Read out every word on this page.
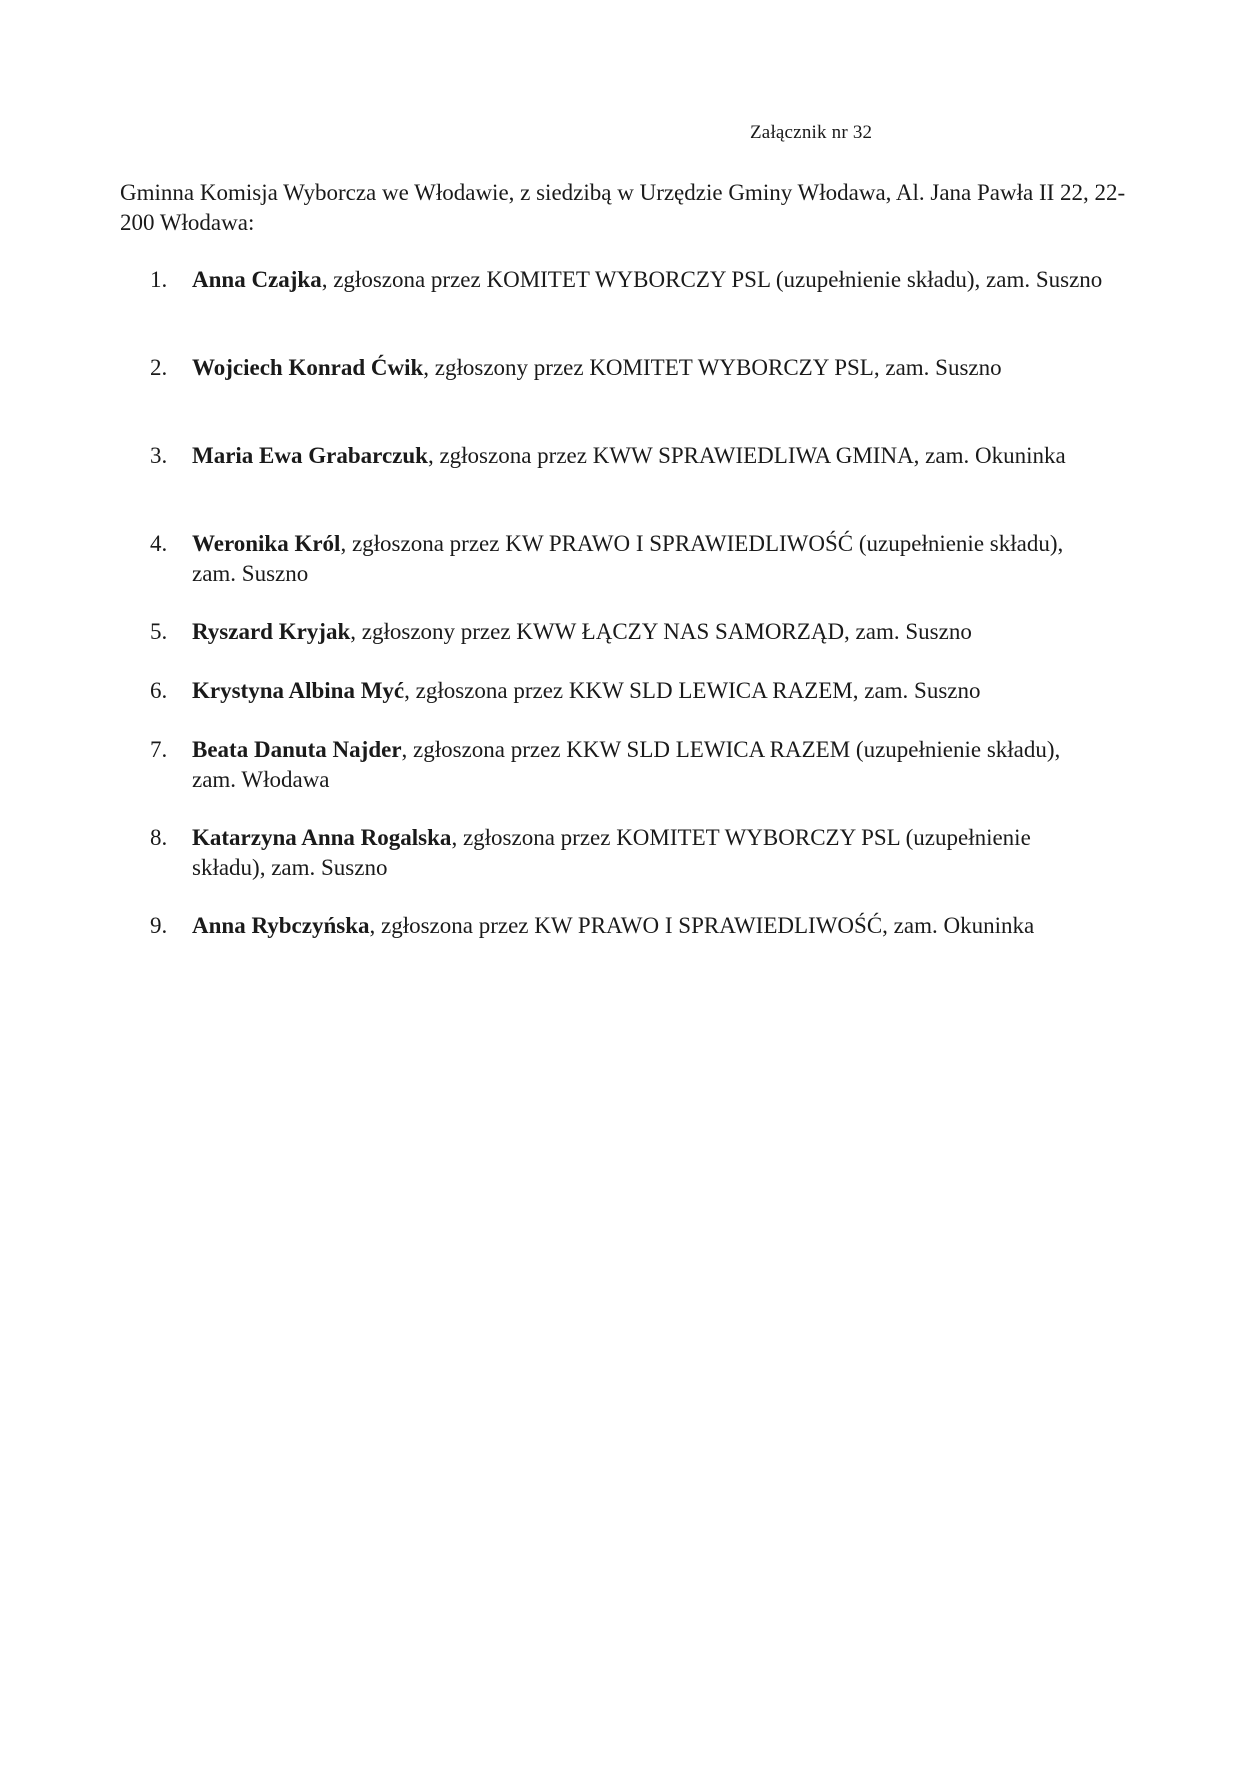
Załącznik nr 32

Gminna Komisja Wyborcza we Włodawie, z siedzibą w Urzędzie Gminy Włodawa, Al. Jana Pawła II 22, 22-200 Włodawa:

1.	Anna Czajka, zgłoszona przez KOMITET WYBORCZY PSL (uzupełnienie składu), zam. Suszno
2.	Wojciech Konrad Ćwik, zgłoszony przez KOMITET WYBORCZY PSL, zam. Suszno
3.	Maria Ewa Grabarczuk, zgłoszona przez KWW SPRAWIEDLIWA GMINA, zam. Okuninka
4.	Weronika Król, zgłoszona przez KW PRAWO I SPRAWIEDLIWOŚĆ (uzupełnienie składu), zam. Suszno
5.	Ryszard Kryjak, zgłoszony przez KWW ŁĄCZY NAS SAMORZĄD, zam. Suszno
6.	Krystyna Albina Myć, zgłoszona przez KKW SLD LEWICA RAZEM, zam. Suszno
7.	Beata Danuta Najder, zgłoszona przez KKW SLD LEWICA RAZEM (uzupełnienie składu), zam. Włodawa
8.	Katarzyna Anna Rogalska, zgłoszona przez KOMITET WYBORCZY PSL (uzupełnienie składu), zam. Suszno
9.	Anna Rybczyńska, zgłoszona przez KW PRAWO I SPRAWIEDLIWOŚĆ, zam. Okuninka
